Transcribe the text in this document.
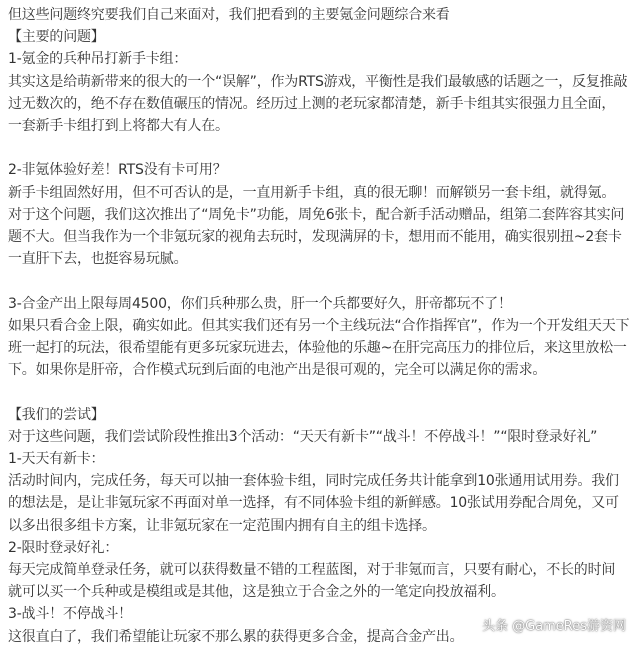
但这些问题终究要我们自己来面对，我们把看到的主要氪金问题综合来看
【主要的问题】
1-氪金的兵种吊打新手卡组：
其实这是给萌新带来的很大的一个“误解”，作为RTS游戏，平衡性是我们最敏感的话题之一，反复推敲
过无数次的，绝不存在数值碾压的情况。经历过上测的老玩家都清楚，新手卡组其实很强力且全面，
一套新手卡组打到上将都大有人在。
2-非氪体验好差！RTS没有卡可用？
新手卡组固然好用，但不可否认的是，一直用新手卡组，真的很无聊！而解锁另一套卡组，就得氪。
对于这个问题，我们这次推出了“周免卡”功能，周免6张卡，配合新手活动赠品，组第二套阵容其实问
题不大。但当我作为一个非氪玩家的视角去玩时，发现满屏的卡，想用而不能用，确实很别扭~2套卡
一直肝下去，也挺容易玩腻。
3-合金产出上限每周4500，你们兵种那么贵，肝一个兵都要好久，肝帝都玩不了！
如果只看合金上限，确实如此。但其实我们还有另一个主线玩法“合作指挥官”，作为一个开发组天天下
班一起打的玩法，很希望能有更多玩家玩进去，体验他的乐趣~在肝完高压力的排位后，来这里放松一
下。如果你是肝帝，合作模式玩到后面的电池产出是很可观的，完全可以满足你的需求。
【我们的尝试】
对于这些问题，我们尝试阶段性推出3个活动：“天天有新卡”“战斗！不停战斗！”“限时登录好礼”
1-天天有新卡：
活动时间内，完成任务，每天可以抽一套体验卡组，同时完成任务共计能拿到10张通用试用券。我们
的想法是，是让非氪玩家不再面对单一选择，有不同体验卡组的新鲜感。10张试用券配合周免，又可
以多出很多组卡方案，让非氪玩家在一定范围内拥有自主的组卡选择。
2-限时登录好礼：
每天完成简单登录任务，就可以获得数量不错的工程蓝图，对于非氪而言，只要有耐心，不长的时间
就可以买一个兵种或是模组或是其他，这是独立于合金之外的一笔定向投放福利。
3-战斗！不停战斗！
这很直白了，我们希望能让玩家不那么累的获得更多合金，提高合金产出。
头条 @GameRes游资网
